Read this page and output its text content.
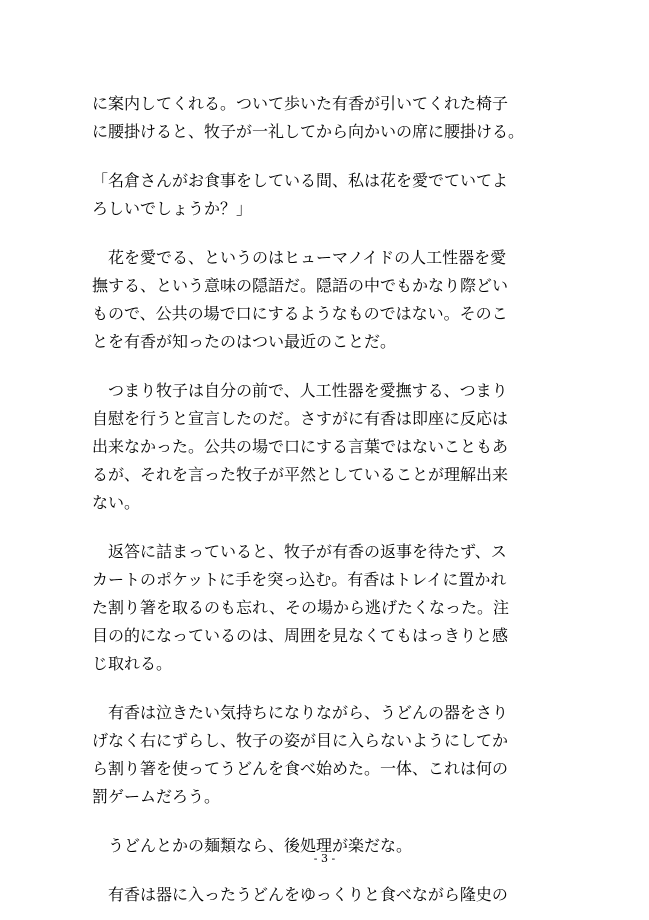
に案内してくれる。ついて歩いた有香が引いてくれた椅子
に腰掛けると、牧子が一礼してから向かいの席に腰掛ける。

「名倉さんがお食事をしている間、私は花を愛でていてよ
ろしいでしょうか？」

　花を愛でる、というのはヒューマノイドの人工性器を愛
撫する、という意味の隠語だ。隠語の中でもかなり際どい
もので、公共の場で口にするようなものではない。そのこ
とを有香が知ったのはつい最近のことだ。

　つまり牧子は自分の前で、人工性器を愛撫する、つまり
自慰を行うと宣言したのだ。さすがに有香は即座に反応は
出来なかった。公共の場で口にする言葉ではないこともあ
るが、それを言った牧子が平然としていることが理解出来
ない。

　返答に詰まっていると、牧子が有香の返事を待たず、ス
カートのポケットに手を突っ込む。有香はトレイに置かれ
た割り箸を取るのも忘れ、その場から逃げたくなった。注
目の的になっているのは、周囲を見なくてもはっきりと感
じ取れる。

　有香は泣きたい気持ちになりながら、うどんの器をさり
げなく右にずらし、牧子の姿が目に入らないようにしてか
ら割り箸を使ってうどんを食べ始めた。一体、これは何の
罰ゲームだろう。

　うどんとかの麺類なら、後処理が楽だな。

　有香は器に入ったうどんをゆっくりと食べながら隆史の

- 3 -
